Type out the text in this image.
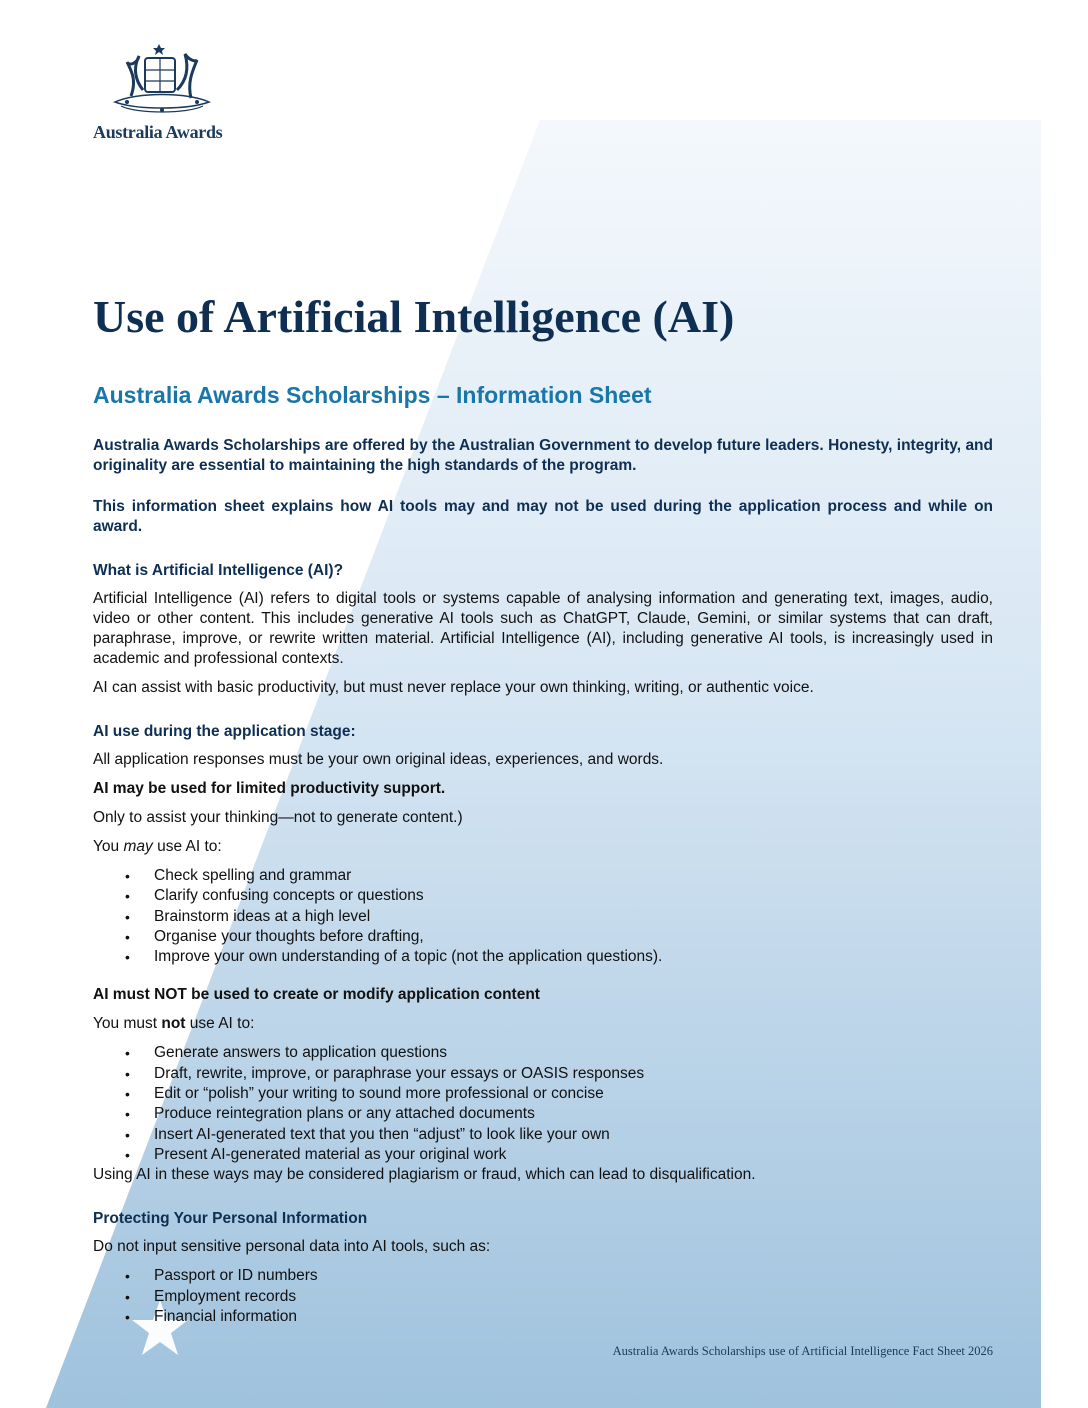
Australia Awards
Use of Artificial Intelligence (AI)
Australia Awards Scholarships – Information Sheet

Australia Awards Scholarships are offered by the Australian Government to develop future leaders. Honesty, integrity, and originality are essential to maintaining the high standards of the program.

This information sheet explains how AI tools may and may not be used during the application process and while on award.

What is Artificial Intelligence (AI)?

Artificial Intelligence (AI) refers to digital tools or systems capable of analysing information and generating text, images, audio, video or other content. This includes generative AI tools such as ChatGPT, Claude, Gemini, or similar systems that can draft, paraphrase, improve, or rewrite written material. Artificial Intelligence (AI), including generative AI tools, is increasingly used in academic and professional contexts.

AI can assist with basic productivity, but must never replace your own thinking, writing, or authentic voice.

AI use during the application stage:

All application responses must be your own original ideas, experiences, and words.

AI may be used for limited productivity support.

Only to assist your thinking—not to generate content.)

You may use AI to:

• Check spelling and grammar
• Clarify confusing concepts or questions
• Brainstorm ideas at a high level
• Organise your thoughts before drafting,
• Improve your own understanding of a topic (not the application questions).

AI must NOT be used to create or modify application content

You must not use AI to:

• Generate answers to application questions
• Draft, rewrite, improve, or paraphrase your essays or OASIS responses
• Edit or “polish” your writing to sound more professional or concise
• Produce reintegration plans or any attached documents
• Insert AI-generated text that you then “adjust” to look like your own
• Present AI-generated material as your original work

Using AI in these ways may be considered plagiarism or fraud, which can lead to disqualification.

Protecting Your Personal Information

Do not input sensitive personal data into AI tools, such as:

• Passport or ID numbers
• Employment records
• Financial information
Australia Awards Scholarships use of Artificial Intelligence Fact Sheet 2026
